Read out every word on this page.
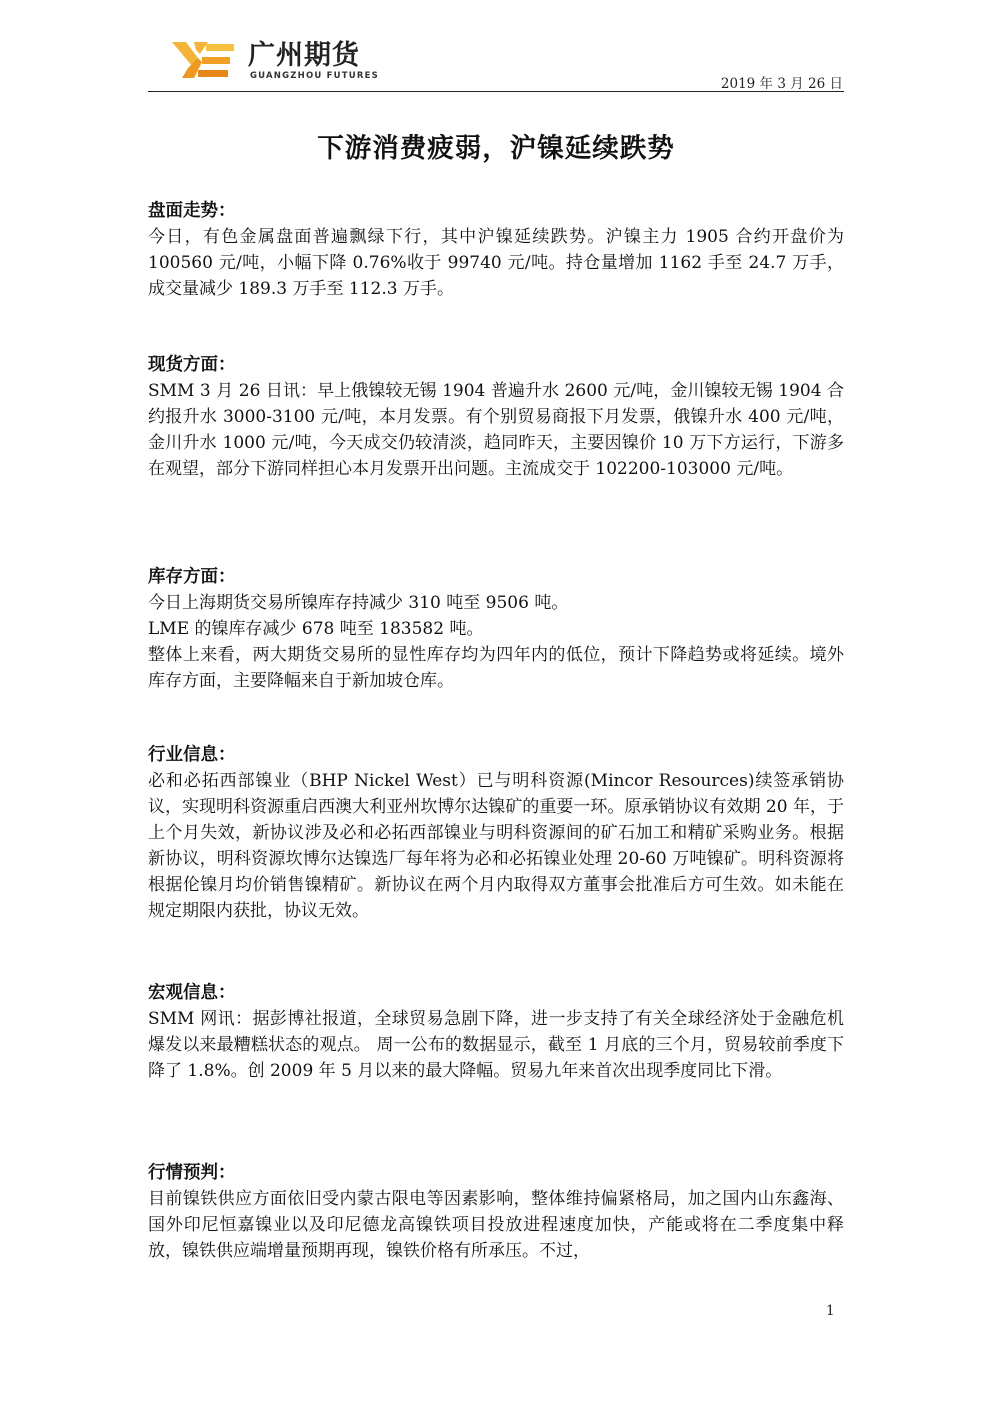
广州期货
GUANGZHOU FUTURES	2019 年 3 月 26 日
下游消费疲弱，沪镍延续跌势
盘面走势：

今日，有色金属盘面普遍飘绿下行，其中沪镍延续跌势。沪镍主力 1905 合约开盘价为 100560 元/吨，小幅下降 0.76%收于 99740 元/吨。持仓量增加 1162 手至 24.7 万手，成交量减少 189.3 万手至 112.3 万手。

现货方面：

SMM 3 月 26 日讯：早上俄镍较无锡 1904 普遍升水 2600 元/吨，金川镍较无锡 1904 合约报升水 3000-3100 元/吨，本月发票。有个别贸易商报下月发票，俄镍升水 400 元/吨，金川升水 1000 元/吨，今天成交仍较清淡，趋同昨天，主要因镍价 10 万下方运行，下游多在观望，部分下游同样担心本月发票开出问题。主流成交于 102200-103000 元/吨。

库存方面：

今日上海期货交易所镍库存持减少 310 吨至 9506 吨。

LME 的镍库存减少 678 吨至 183582 吨。

整体上来看，两大期货交易所的显性库存均为四年内的低位，预计下降趋势或将延续。境外库存方面，主要降幅来自于新加坡仓库。

行业信息：

必和必拓西部镍业（BHP Nickel West）已与明科资源(Mincor Resources)续签承销协议，实现明科资源重启西澳大利亚州坎博尔达镍矿的重要一环。原承销协议有效期 20 年，于上个月失效，新协议涉及必和必拓西部镍业与明科资源间的矿石加工和精矿采购业务。根据新协议，明科资源坎博尔达镍选厂每年将为必和必拓镍业处理 20-60 万吨镍矿。明科资源将根据伦镍月均价销售镍精矿。新协议在两个月内取得双方董事会批准后方可生效。如未能在规定期限内获批，协议无效。

宏观信息：

SMM 网讯：据彭博社报道，全球贸易急剧下降，进一步支持了有关全球经济处于金融危机爆发以来最糟糕状态的观点。 周一公布的数据显示，截至 1 月底的三个月，贸易较前季度下降了 1.8%。创 2009 年 5 月以来的最大降幅。贸易九年来首次出现季度同比下滑。

行情预判：

目前镍铁供应方面依旧受内蒙古限电等因素影响，整体维持偏紧格局，加之国内山东鑫海、国外印尼恒嘉镍业以及印尼德龙高镍铁项目投放进程速度加快，产能或将在二季度集中释放，镍铁供应端增量预期再现，镍铁价格有所承压。不过，

1
